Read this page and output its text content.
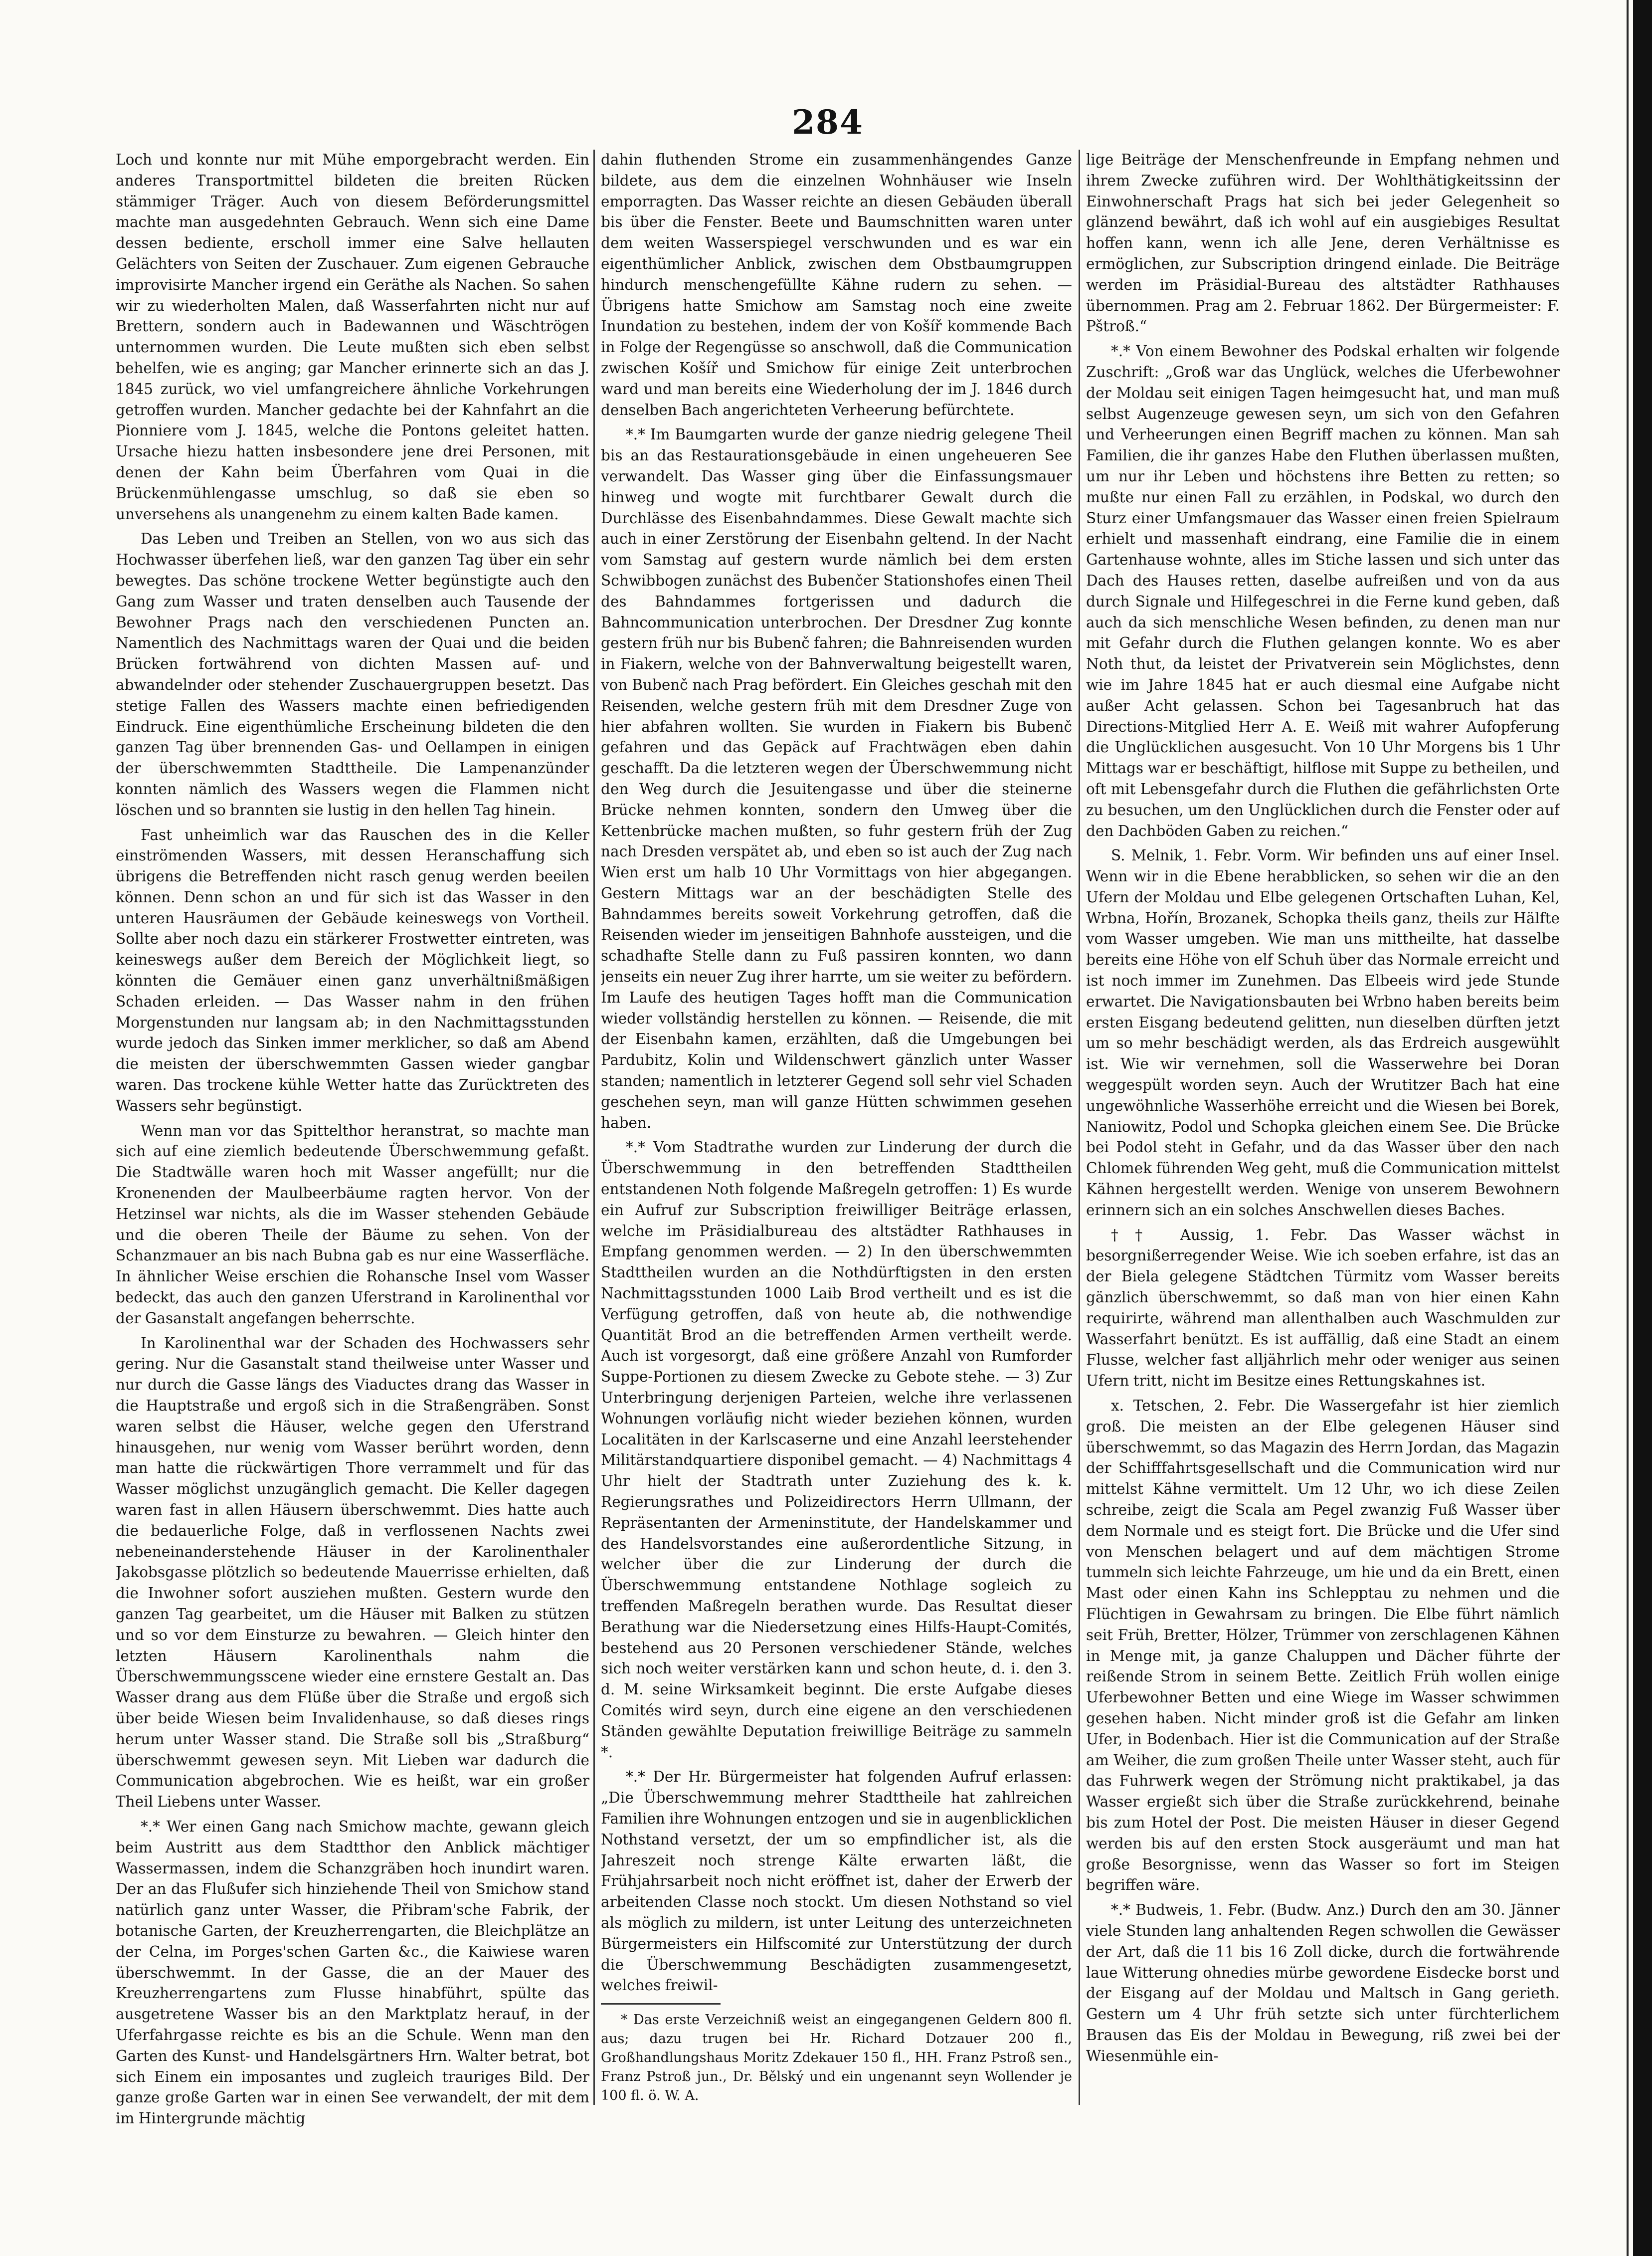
284

Loch und konnte nur mit Mühe emporgebracht werden. Ein anderes Transportmittel bildeten die breiten Rücken stämmiger Träger. Auch von diesem Beförderungsmittel machte man ausgedehnten Gebrauch. Wenn sich eine Dame dessen bediente, erscholl immer eine Salve hellauten Gelächters von Seiten der Zuschauer. Zum eigenen Gebrauche improvisirte Mancher irgend ein Geräthe als Nachen. So sahen wir zu wiederholten Malen, daß Wasserfahrten nicht nur auf Brettern, sondern auch in Badewannen und Wäschtrögen unternommen wurden. Die Leute mußten sich eben selbst behelfen, wie es anging; gar Mancher erinnerte sich an das J. 1845 zurück, wo viel umfangreichere ähnliche Vorkehrungen getroffen wurden. Mancher gedachte bei der Kahnfahrt an die Pionniere vom J. 1845, welche die Pontons geleitet hatten. Ursache hiezu hatten insbesondere jene drei Personen, mit denen der Kahn beim Überfahren vom Quai in die Brückenmühlengasse umschlug, so daß sie eben so unversehens als unangenehm zu einem kalten Bade kamen.

Das Leben und Treiben an Stellen, von wo aus sich das Hochwasser überfehen ließ, war den ganzen Tag über ein sehr bewegtes. Das schöne trockene Wetter begünstigte auch den Gang zum Wasser und traten denselben auch Tausende der Bewohner Prags nach den verschiedenen Puncten an. Namentlich des Nachmittags waren der Quai und die beiden Brücken fortwährend von dichten Massen auf- und abwandelnder oder stehender Zuschauergruppen besetzt. Das stetige Fallen des Wassers machte einen befriedigenden Eindruck. Eine eigenthümliche Erscheinung bildeten die den ganzen Tag über brennenden Gas- und Oellampen in einigen der überschwemmten Stadttheile. Die Lampenanzünder konnten nämlich des Wassers wegen die Flammen nicht löschen und so brannten sie lustig in den hellen Tag hinein.

Fast unheimlich war das Rauschen des in die Keller einströmenden Wassers, mit dessen Heranschaffung sich übrigens die Betreffenden nicht rasch genug werden beeilen können. Denn schon an und für sich ist das Wasser in den unteren Hausräumen der Gebäude keineswegs von Vortheil. Sollte aber noch dazu ein stärkerer Frostwetter eintreten, was keineswegs außer dem Bereich der Möglichkeit liegt, so könnten die Gemäuer einen ganz unverhältnißmäßigen Schaden erleiden. — Das Wasser nahm in den frühen Morgenstunden nur langsam ab; in den Nachmittagsstunden wurde jedoch das Sinken immer merklicher, so daß am Abend die meisten der überschwemmten Gassen wieder gangbar waren. Das trockene kühle Wetter hatte das Zurücktreten des Wassers sehr begünstigt.

Wenn man vor das Spittelthor heranstrat, so machte man sich auf eine ziemlich bedeutende Überschwemmung gefaßt. Die Stadtwälle waren hoch mit Wasser angefüllt; nur die Kronenenden der Maulbeerbäume ragten hervor. Von der Hetzinsel war nichts, als die im Wasser stehenden Gebäude und die oberen Theile der Bäume zu sehen. Von der Schanzmauer an bis nach Bubna gab es nur eine Wasserfläche. In ähnlicher Weise erschien die Rohansche Insel vom Wasser bedeckt, das auch den ganzen Uferstrand in Karolinenthal vor der Gasanstalt angefangen beherrschte.

In Karolinenthal war der Schaden des Hochwassers sehr gering. Nur die Gasanstalt stand theilweise unter Wasser und nur durch die Gasse längs des Viaductes drang das Wasser in die Hauptstraße und ergoß sich in die Straßengräben. Sonst waren selbst die Häuser, welche gegen den Uferstrand hinausgehen, nur wenig vom Wasser berührt worden, denn man hatte die rückwärtigen Thore verrammelt und für das Wasser möglichst unzugänglich gemacht. Die Keller dagegen waren fast in allen Häusern überschwemmt. Dies hatte auch die bedauerliche Folge, daß in verflossenen Nachts zwei nebeneinanderstehende Häuser in der Karolinenthaler Jakobsgasse plötzlich so bedeutende Mauerrisse erhielten, daß die Inwohner sofort ausziehen mußten. Gestern wurde den ganzen Tag gearbeitet, um die Häuser mit Balken zu stützen und so vor dem Einsturze zu bewahren. — Gleich hinter den letzten Häusern Karolinenthals nahm die Überschwemmungsscene wieder eine ernstere Gestalt an. Das Wasser drang aus dem Flüße über die Straße und ergoß sich über beide Wiesen beim Invalidenhause, so daß dieses rings herum unter Wasser stand. Die Straße soll bis „Straßburg“ überschwemmt gewesen seyn. Mit Lieben war dadurch die Communication abgebrochen. Wie es heißt, war ein großer Theil Liebens unter Wasser.

*.* Wer einen Gang nach Smichow machte, gewann gleich beim Austritt aus dem Stadtthor den Anblick mächtiger Wassermassen, indem die Schanzgräben hoch inundirt waren. Der an das Flußufer sich hinziehende Theil von Smichow stand natürlich ganz unter Wasser, die Přibram'sche Fabrik, der botanische Garten, der Kreuzherrengarten, die Bleichplätze an der Celna, im Porges'schen Garten &c., die Kaiwiese waren überschwemmt. In der Gasse, die an der Mauer des Kreuzherrengartens zum Flusse hinabführt, spülte das ausgetretene Wasser bis an den Marktplatz herauf, in der Uferfahrgasse reichte es bis an die Schule. Wenn man den Garten des Kunst- und Handelsgärtners Hrn. Walter betrat, bot sich Einem ein imposantes und zugleich trauriges Bild. Der ganze große Garten war in einen See verwandelt, der mit dem im Hintergrunde mächtig

dahin fluthenden Strome ein zusammenhängendes Ganze bildete, aus dem die einzelnen Wohnhäuser wie Inseln emporragten. Das Wasser reichte an diesen Gebäuden überall bis über die Fenster. Beete und Baumschnitten waren unter dem weiten Wasserspiegel verschwunden und es war ein eigenthümlicher Anblick, zwischen dem Obstbaumgruppen hindurch menschengefüllte Kähne rudern zu sehen. — Übrigens hatte Smichow am Samstag noch eine zweite Inundation zu bestehen, indem der von Košíř kommende Bach in Folge der Regengüsse so anschwoll, daß die Communication zwischen Košíř und Smichow für einige Zeit unterbrochen ward und man bereits eine Wiederholung der im J. 1846 durch denselben Bach angerichteten Verheerung befürchtete.

*.* Im Baumgarten wurde der ganze niedrig gelegene Theil bis an das Restaurationsgebäude in einen ungeheueren See verwandelt. Das Wasser ging über die Einfassungsmauer hinweg und wogte mit furchtbarer Gewalt durch die Durchlässe des Eisenbahndammes. Diese Gewalt machte sich auch in einer Zerstörung der Eisenbahn geltend. In der Nacht vom Samstag auf gestern wurde nämlich bei dem ersten Schwibbogen zunächst des Bubenčer Stationshofes einen Theil des Bahndammes fortgerissen und dadurch die Bahncommunication unterbrochen. Der Dresdner Zug konnte gestern früh nur bis Bubenč fahren; die Bahnreisenden wurden in Fiakern, welche von der Bahnverwaltung beigestellt waren, von Bubenč nach Prag befördert. Ein Gleiches geschah mit den Reisenden, welche gestern früh mit dem Dresdner Zuge von hier abfahren wollten. Sie wurden in Fiakern bis Bubenč gefahren und das Gepäck auf Frachtwägen eben dahin geschafft. Da die letzteren wegen der Überschwemmung nicht den Weg durch die Jesuitengasse und über die steinerne Brücke nehmen konnten, sondern den Umweg über die Kettenbrücke machen mußten, so fuhr gestern früh der Zug nach Dresden verspätet ab, und eben so ist auch der Zug nach Wien erst um halb 10 Uhr Vormittags von hier abgegangen. Gestern Mittags war an der beschädigten Stelle des Bahndammes bereits soweit Vorkehrung getroffen, daß die Reisenden wieder im jenseitigen Bahnhofe aussteigen, und die schadhafte Stelle dann zu Fuß passiren konnten, wo dann jenseits ein neuer Zug ihrer harrte, um sie weiter zu befördern. Im Laufe des heutigen Tages hofft man die Communication wieder vollständig herstellen zu können. — Reisende, die mit der Eisenbahn kamen, erzählten, daß die Umgebungen bei Pardubitz, Kolin und Wildenschwert gänzlich unter Wasser standen; namentlich in letzterer Gegend soll sehr viel Schaden geschehen seyn, man will ganze Hütten schwimmen gesehen haben.

*.* Vom Stadtrathe wurden zur Linderung der durch die Überschwemmung in den betreffenden Stadttheilen entstandenen Noth folgende Maßregeln getroffen: 1) Es wurde ein Aufruf zur Subscription freiwilliger Beiträge erlassen, welche im Präsidialbureau des altstädter Rathhauses in Empfang genommen werden. — 2) In den überschwemmten Stadttheilen wurden an die Nothdürftigsten in den ersten Nachmittagsstunden 1000 Laib Brod vertheilt und es ist die Verfügung getroffen, daß von heute ab, die nothwendige Quantität Brod an die betreffenden Armen vertheilt werde. Auch ist vorgesorgt, daß eine größere Anzahl von Rumforder Suppe-Portionen zu diesem Zwecke zu Gebote stehe. — 3) Zur Unterbringung derjenigen Parteien, welche ihre verlassenen Wohnungen vorläufig nicht wieder beziehen können, wurden Localitäten in der Karlscaserne und eine Anzahl leerstehender Militärstandquartiere disponibel gemacht. — 4) Nachmittags 4 Uhr hielt der Stadtrath unter Zuziehung des k. k. Regierungsrathes und Polizeidirectors Herrn Ullmann, der Repräsentanten der Armeninstitute, der Handelskammer und des Handelsvorstandes eine außerordentliche Sitzung, in welcher über die zur Linderung der durch die Überschwemmung entstandene Nothlage sogleich zu treffenden Maßregeln berathen wurde. Das Resultat dieser Berathung war die Niedersetzung eines Hilfs-Haupt-Comités, bestehend aus 20 Personen verschiedener Stände, welches sich noch weiter verstärken kann und schon heute, d. i. den 3. d. M. seine Wirksamkeit beginnt. Die erste Aufgabe dieses Comités wird seyn, durch eine eigene an den verschiedenen Ständen gewählte Deputation freiwillige Beiträge zu sammeln *.

*.* Der Hr. Bürgermeister hat folgenden Aufruf erlassen: „Die Überschwemmung mehrer Stadttheile hat zahlreichen Familien ihre Wohnungen entzogen und sie in augenblicklichen Nothstand versetzt, der um so empfindlicher ist, als die Jahreszeit noch strenge Kälte erwarten läßt, die Frühjahrsarbeit noch nicht eröffnet ist, daher der Erwerb der arbeitenden Classe noch stockt. Um diesen Nothstand so viel als möglich zu mildern, ist unter Leitung des unterzeichneten Bürgermeisters ein Hilfscomité zur Unterstützung der durch die Überschwemmung Beschädigten zusammengesetzt, welches freiwil-

* Das erste Verzeichniß weist an eingegangenen Geldern 800 fl. aus; dazu trugen bei Hr. Richard Dotzauer 200 fl., Großhandlungshaus Moritz Zdekauer 150 fl., HH. Franz Pstroß sen., Franz Pstroß jun., Dr. Bělský und ein ungenannt seyn Wollender je 100 fl. ö. W. A.

lige Beiträge der Menschenfreunde in Empfang nehmen und ihrem Zwecke zuführen wird. Der Wohlthätigkeitssinn der Einwohnerschaft Prags hat sich bei jeder Gelegenheit so glänzend bewährt, daß ich wohl auf ein ausgiebiges Resultat hoffen kann, wenn ich alle Jene, deren Verhältnisse es ermöglichen, zur Subscription dringend einlade. Die Beiträge werden im Präsidial-Bureau des altstädter Rathhauses übernommen. Prag am 2. Februar 1862. Der Bürgermeister: F. Pštroß.“

*.* Von einem Bewohner des Podskal erhalten wir folgende Zuschrift: „Groß war das Unglück, welches die Uferbewohner der Moldau seit einigen Tagen heimgesucht hat, und man muß selbst Augenzeuge gewesen seyn, um sich von den Gefahren und Verheerungen einen Begriff machen zu können. Man sah Familien, die ihr ganzes Habe den Fluthen überlassen mußten, um nur ihr Leben und höchstens ihre Betten zu retten; so mußte nur einen Fall zu erzählen, in Podskal, wo durch den Sturz einer Umfangsmauer das Wasser einen freien Spielraum erhielt und massenhaft eindrang, eine Familie die in einem Gartenhause wohnte, alles im Stiche lassen und sich unter das Dach des Hauses retten, daselbe aufreißen und von da aus durch Signale und Hilfegeschrei in die Ferne kund geben, daß auch da sich menschliche Wesen befinden, zu denen man nur mit Gefahr durch die Fluthen gelangen konnte. Wo es aber Noth thut, da leistet der Privatverein sein Möglichstes, denn wie im Jahre 1845 hat er auch diesmal eine Aufgabe nicht außer Acht gelassen. Schon bei Tagesanbruch hat das Directions-Mitglied Herr A. E. Weiß mit wahrer Aufopferung die Unglücklichen ausgesucht. Von 10 Uhr Morgens bis 1 Uhr Mittags war er beschäftigt, hilflose mit Suppe zu betheilen, und oft mit Lebensgefahr durch die Fluthen die gefährlichsten Orte zu besuchen, um den Unglücklichen durch die Fenster oder auf den Dachböden Gaben zu reichen.“

S. Melnik, 1. Febr. Vorm. Wir befinden uns auf einer Insel. Wenn wir in die Ebene herabblicken, so sehen wir die an den Ufern der Moldau und Elbe gelegenen Ortschaften Luhan, Kel, Wrbna, Hořín, Brozanek, Schopka theils ganz, theils zur Hälfte vom Wasser umgeben. Wie man uns mittheilte, hat dasselbe bereits eine Höhe von elf Schuh über das Normale erreicht und ist noch immer im Zunehmen. Das Elbeeis wird jede Stunde erwartet. Die Navigationsbauten bei Wrbno haben bereits beim ersten Eisgang bedeutend gelitten, nun dieselben dürften jetzt um so mehr beschädigt werden, als das Erdreich ausgewühlt ist. Wie wir vernehmen, soll die Wasserwehre bei Doran weggespült worden seyn. Auch der Wrutitzer Bach hat eine ungewöhnliche Wasserhöhe erreicht und die Wiesen bei Borek, Naniowitz, Podol und Schopka gleichen einem See. Die Brücke bei Podol steht in Gefahr, und da das Wasser über den nach Chlomek führenden Weg geht, muß die Communication mittelst Kähnen hergestellt werden. Wenige von unserem Bewohnern erinnern sich an ein solches Anschwellen dieses Baches.

†† Aussig, 1. Febr. Das Wasser wächst in besorgnißerregender Weise. Wie ich soeben erfahre, ist das an der Biela gelegene Städtchen Türmitz vom Wasser bereits gänzlich überschwemmt, so daß man von hier einen Kahn requirirte, während man allenthalben auch Waschmulden zur Wasserfahrt benützt. Es ist auffällig, daß eine Stadt an einem Flusse, welcher fast alljährlich mehr oder weniger aus seinen Ufern tritt, nicht im Besitze eines Rettungskahnes ist.

x. Tetschen, 2. Febr. Die Wassergefahr ist hier ziemlich groß. Die meisten an der Elbe gelegenen Häuser sind überschwemmt, so das Magazin des Herrn Jordan, das Magazin der Schifffahrtsgesellschaft und die Communication wird nur mittelst Kähne vermittelt. Um 12 Uhr, wo ich diese Zeilen schreibe, zeigt die Scala am Pegel zwanzig Fuß Wasser über dem Normale und es steigt fort. Die Brücke und die Ufer sind von Menschen belagert und auf dem mächtigen Strome tummeln sich leichte Fahrzeuge, um hie und da ein Brett, einen Mast oder einen Kahn ins Schlepptau zu nehmen und die Flüchtigen in Gewahrsam zu bringen. Die Elbe führt nämlich seit Früh, Bretter, Hölzer, Trümmer von zerschlagenen Kähnen in Menge mit, ja ganze Chaluppen und Dächer führte der reißende Strom in seinem Bette. Zeitlich Früh wollen einige Uferbewohner Betten und eine Wiege im Wasser schwimmen gesehen haben. Nicht minder groß ist die Gefahr am linken Ufer, in Bodenbach. Hier ist die Communication auf der Straße am Weiher, die zum großen Theile unter Wasser steht, auch für das Fuhrwerk wegen der Strömung nicht praktikabel, ja das Wasser ergießt sich über die Straße zurückkehrend, beinahe bis zum Hotel der Post. Die meisten Häuser in dieser Gegend werden bis auf den ersten Stock ausgeräumt und man hat große Besorgnisse, wenn das Wasser so fort im Steigen begriffen wäre.

*.* Budweis, 1. Febr. (Budw. Anz.) Durch den am 30. Jänner viele Stunden lang anhaltenden Regen schwollen die Gewässer der Art, daß die 11 bis 16 Zoll dicke, durch die fortwährende laue Witterung ohnedies mürbe gewordene Eisdecke borst und der Eisgang auf der Moldau und Maltsch in Gang gerieth. Gestern um 4 Uhr früh setzte sich unter fürchterlichem Brausen das Eis der Moldau in Bewegung, riß zwei bei der Wiesenmühle ein-
